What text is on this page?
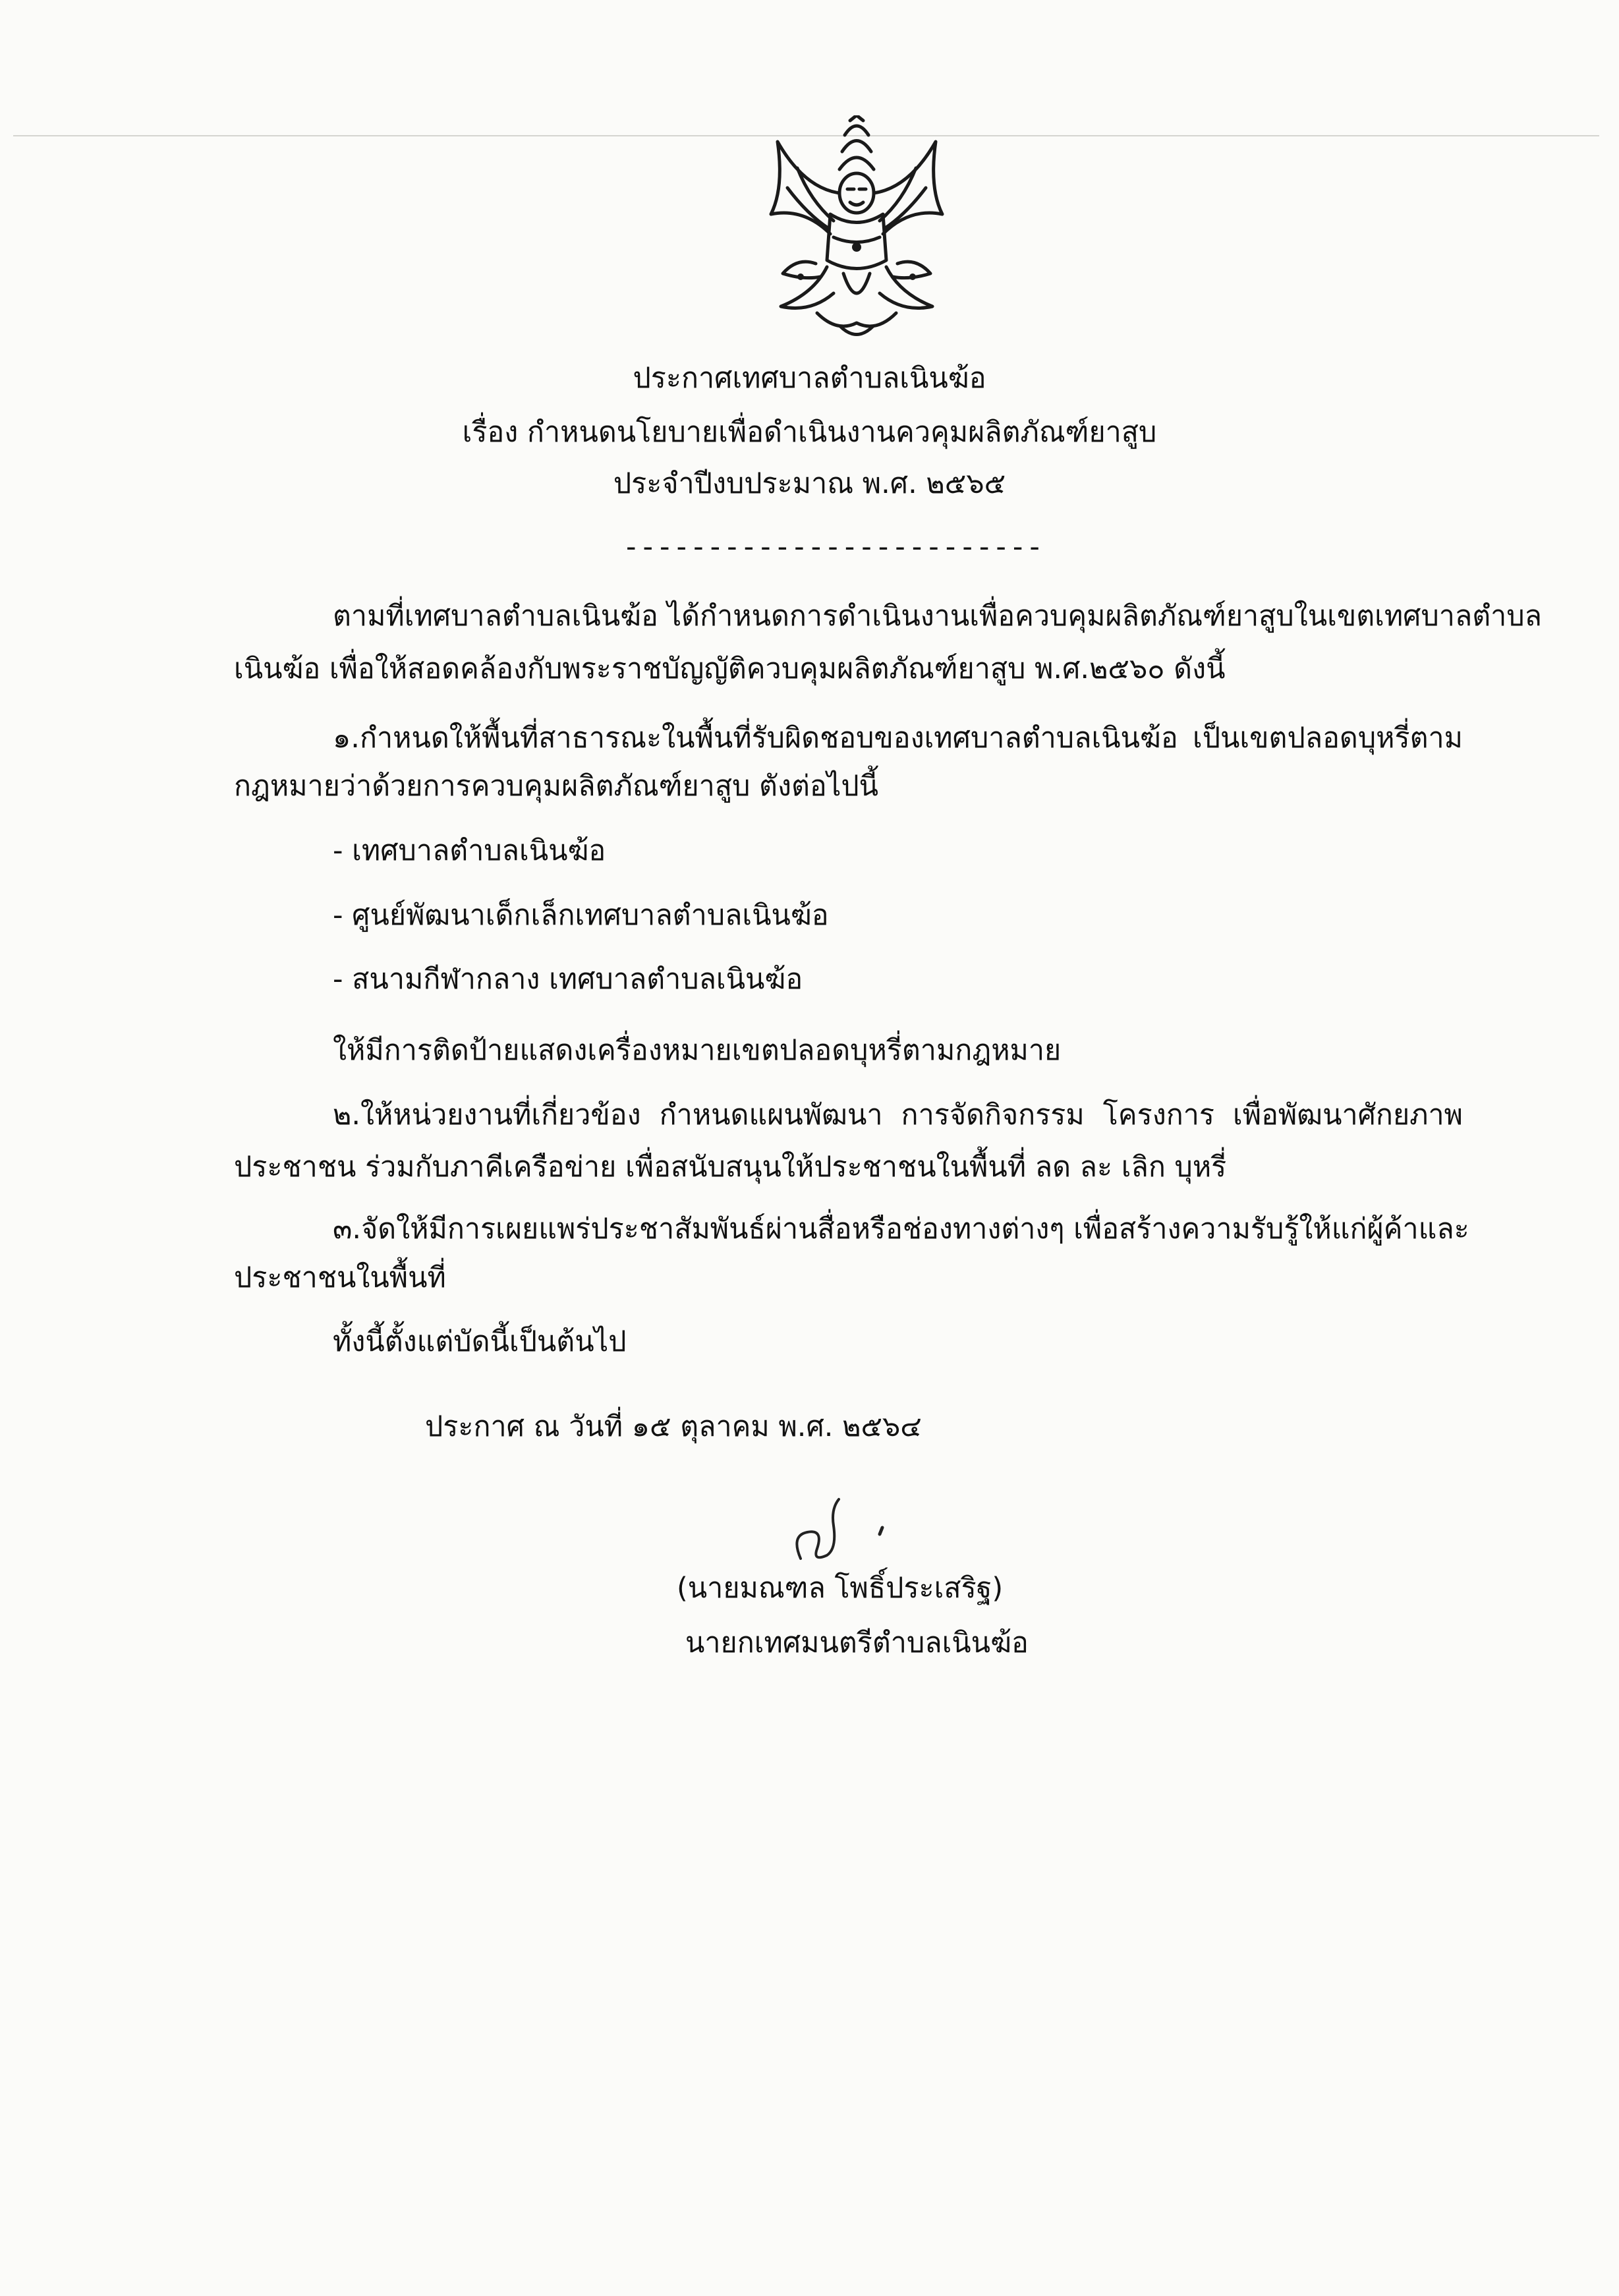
ประกาศเทศบาลตำบลเนินฆ้อ
เรื่อง กำหนดนโยบายเพื่อดำเนินงานควคุมผลิตภัณฑ์ยาสูบ
ประจำปีงบประมาณ พ.ศ. ๒๕๖๕
-------------------------
ตามที่เทศบาลตำบลเนินฆ้อ ได้กำหนดการดำเนินงานเพื่อควบคุมผลิตภัณฑ์ยาสูบในเขตเทศบาลตำบล
เนินฆ้อ เพื่อให้สอดคล้องกับพระราชบัญญัติควบคุมผลิตภัณฑ์ยาสูบ พ.ศ.๒๕๖๐ ดังนี้
๑.กำหนดให้พื้นที่สาธารณะในพื้นที่รับผิดชอบของเทศบาลตำบลเนินฆ้อ เป็นเขตปลอดบุหรี่ตาม
กฎหมายว่าด้วยการควบคุมผลิตภัณฑ์ยาสูบ ตังต่อไปนี้
- เทศบาลตำบลเนินฆ้อ
- ศูนย์พัฒนาเด็กเล็กเทศบาลตำบลเนินฆ้อ
- สนามกีฬากลาง เทศบาลตำบลเนินฆ้อ
ให้มีการติดป้ายแสดงเครื่องหมายเขตปลอดบุหรี่ตามกฎหมาย
๒.ให้หน่วยงานที่เกี่ยวข้อง กำหนดแผนพัฒนา การจัดกิจกรรม โครงการ เพื่อพัฒนาศักยภาพ
ประชาชน ร่วมกับภาคีเครือข่าย เพื่อสนับสนุนให้ประชาชนในพื้นที่ ลด ละ เลิก บุหรี่
๓.จัดให้มีการเผยแพร่ประชาสัมพันธ์ผ่านสื่อหรือช่องทางต่างๆ เพื่อสร้างความรับรู้ให้แก่ผู้ค้าและ
ประชาชนในพื้นที่
ทั้งนี้ตั้งแต่บัดนี้เป็นต้นไป
ประกาศ ณ วันที่ ๑๕ ตุลาคม พ.ศ. ๒๕๖๔
(นายมณฑล โพธิ์ประเสริฐ)
นายกเทศมนตรีตำบลเนินฆ้อ
